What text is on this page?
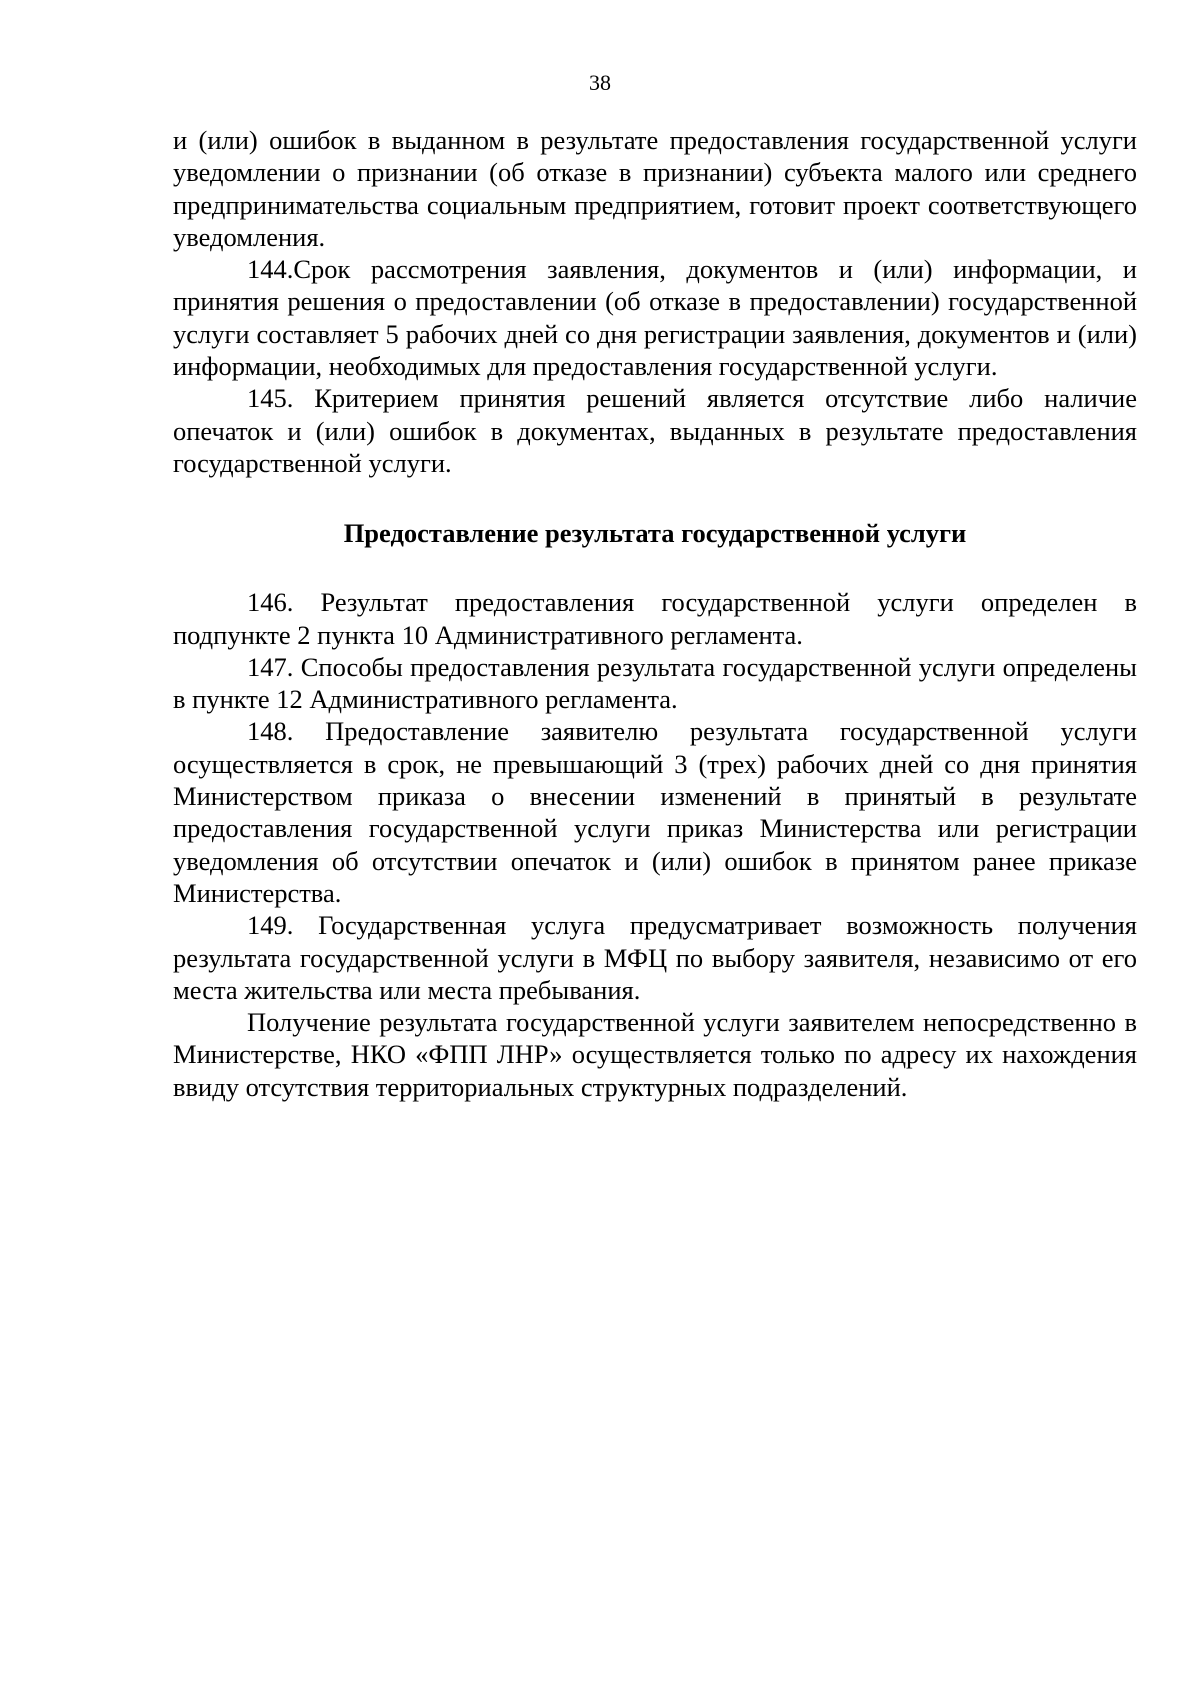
38

и (или) ошибок в выданном в результате предоставления государственной услуги уведомлении о признании (об отказе в признании) субъекта малого или среднего предпринимательства социальным предприятием, готовит проект соответствующего уведомления.

144.Срок рассмотрения заявления, документов и (или) информации, и принятия решения о предоставлении (об отказе в предоставлении) государственной услуги составляет 5 рабочих дней со дня регистрации заявления, документов и (или) информации, необходимых для предоставления государственной услуги.

145. Критерием принятия решений является отсутствие либо наличие опечаток и (или) ошибок в документах, выданных в результате предоставления государственной услуги.

Предоставление результата государственной услуги

146. Результат предоставления государственной услуги определен в подпункте 2 пункта 10 Административного регламента.

147. Способы предоставления результата государственной услуги определены в пункте 12 Административного регламента.

148. Предоставление заявителю результата государственной услуги осуществляется в срок, не превышающий 3 (трех) рабочих дней со дня принятия Министерством приказа о внесении изменений в принятый в результате предоставления государственной услуги приказ Министерства или регистрации уведомления об отсутствии опечаток и (или) ошибок в принятом ранее приказе Министерства.

149. Государственная услуга предусматривает возможность получения результата государственной услуги в МФЦ по выбору заявителя, независимо от его места жительства или места пребывания.

Получение результата государственной услуги заявителем непосредственно в Министерстве, НКО «ФПП ЛНР» осуществляется только по адресу их нахождения ввиду отсутствия территориальных структурных подразделений.
